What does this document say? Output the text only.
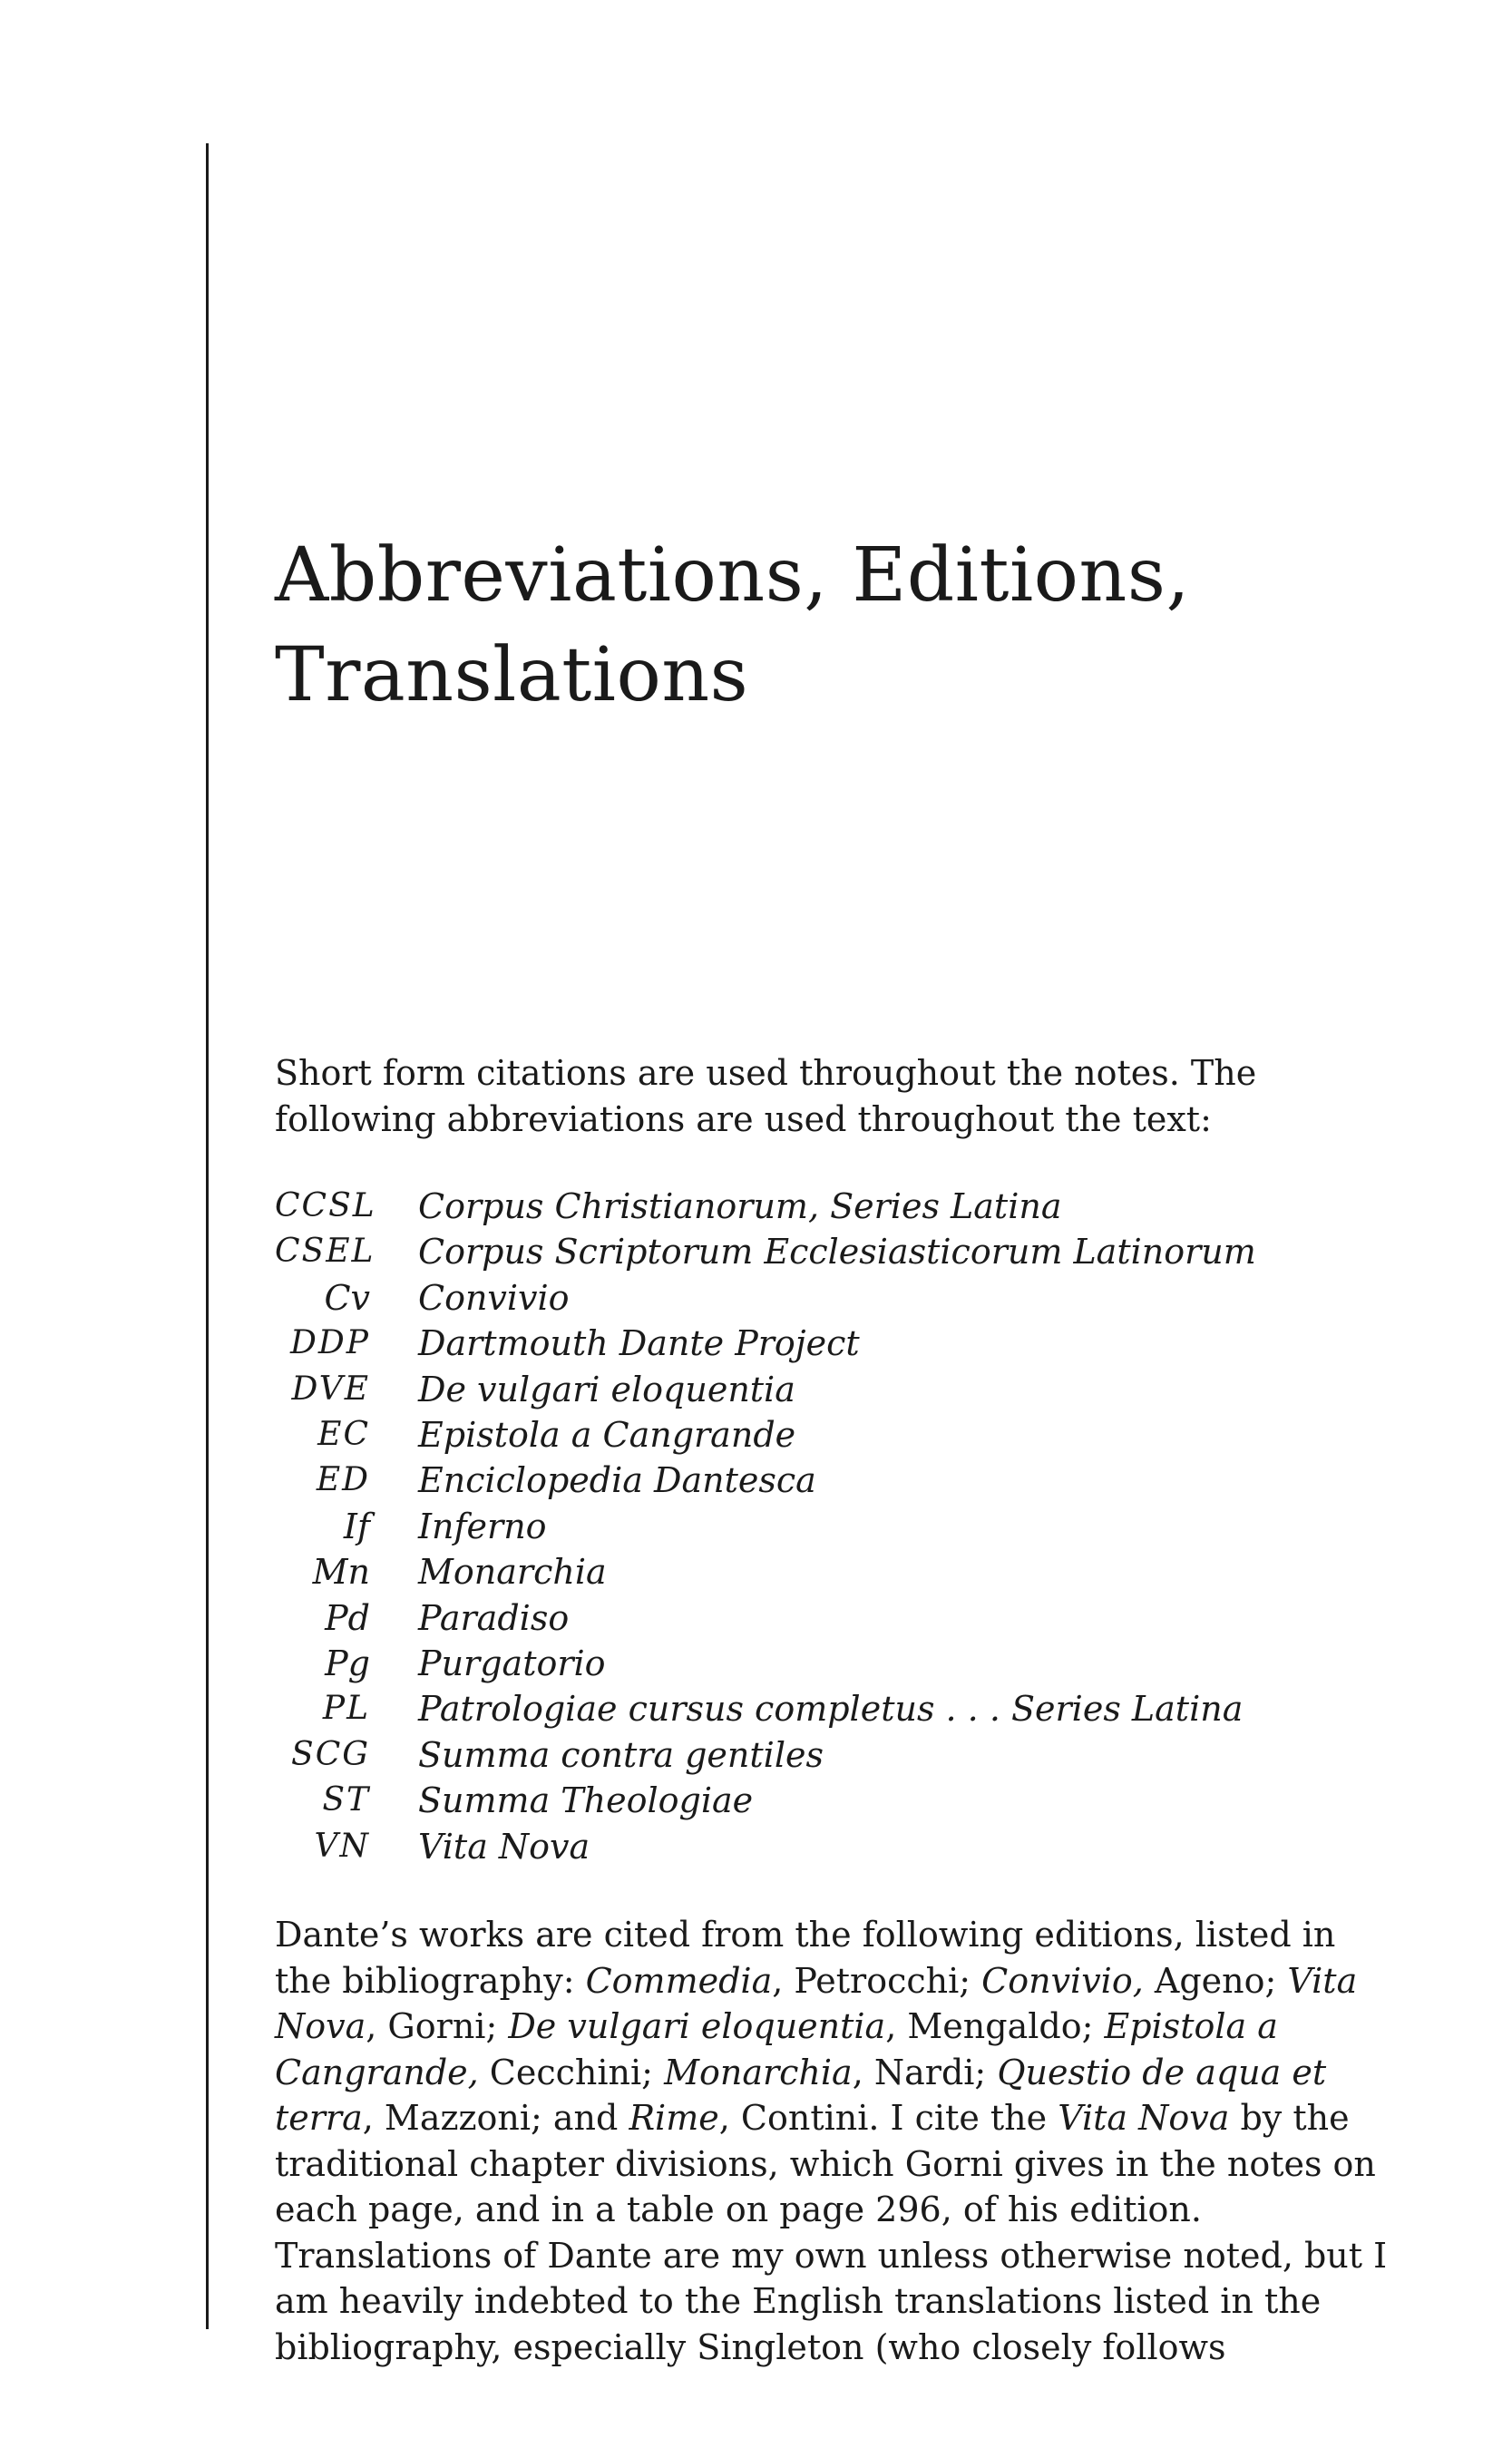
Abbreviations, Editions,
Translations

Short form citations are used throughout the notes. The following abbreviations are used throughout the text:

CCSL Corpus Christianorum, Series Latina
CSEL Corpus Scriptorum Ecclesiasticorum Latinorum
Cv Convivio
DDP Dartmouth Dante Project
DVE De vulgari eloquentia
EC Epistola a Cangrande
ED Enciclopedia Dantesca
If Inferno
Mn Monarchia
Pd Paradiso
Pg Purgatorio
PL Patrologiae cursus completus . . . Series Latina
SCG Summa contra gentiles
ST Summa Theologiae
VN Vita Nova

Dante’s works are cited from the following editions, listed in the bibliography: Commedia, Petrocchi; Convivio, Ageno; Vita Nova, Gorni; De vulgari eloquentia, Mengaldo; Epistola a Cangrande, Cecchini; Monarchia, Nardi; Questio de aqua et terra, Mazzoni; and Rime, Contini. I cite the Vita Nova by the traditional chapter divisions, which Gorni gives in the notes on each page, and in a table on page 296, of his edition. Translations of Dante are my own unless otherwise noted, but I am heavily indebted to the English translations listed in the bibliography, especially Singleton (who closely follows
